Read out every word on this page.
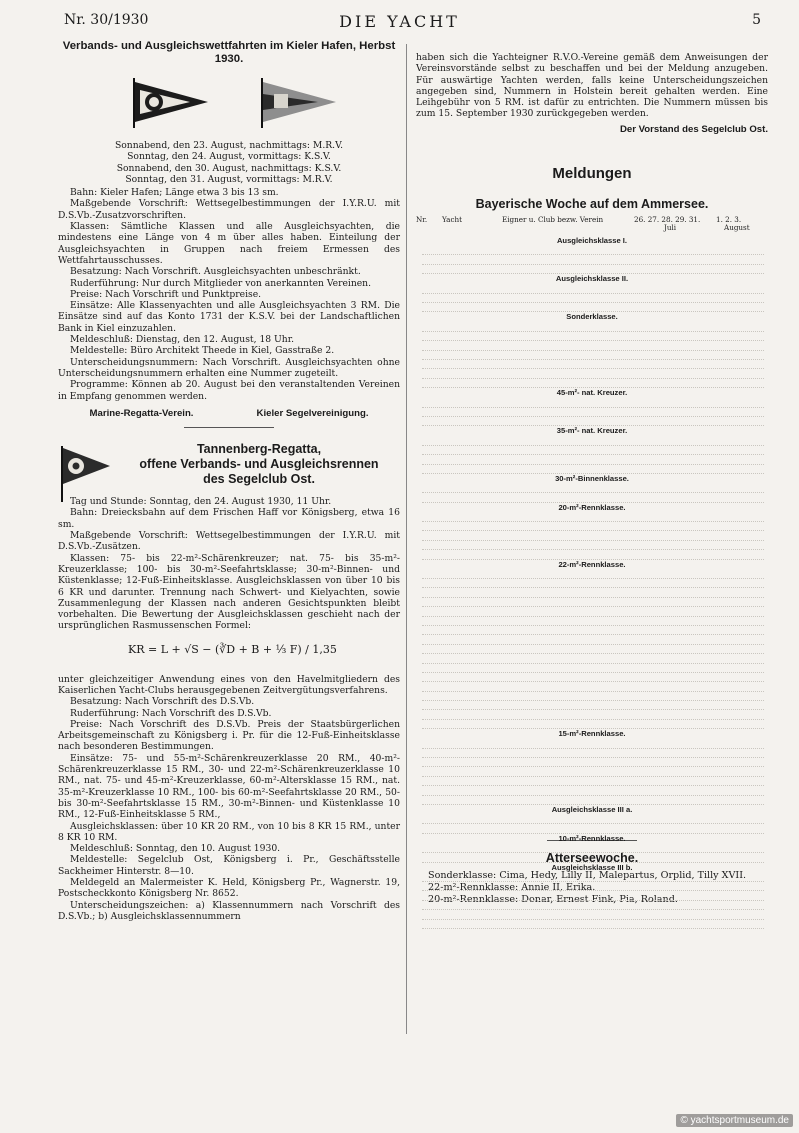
Nr. 30/1930	DIE YACHT	5
Verbands- und Ausgleichswettfahrten im Kieler Hafen, Herbst 1930.
Sonnabend, den 23. August, nachmittags: M.R.V.
Sonntag, den 24. August, vormittags: K.S.V.
Sonnabend, den 30. August, nachmittags: K.S.V.
Sonntag, den 31. August, vormittags: M.R.V.

Bahn: Kieler Hafen; Länge etwa 3 bis 13 sm.

Maßgebende Vorschrift: Wettsegelbestimmungen der I.Y.R.U. mit D.S.Vb.-Zusatzvorschriften.

Klassen: Sämtliche Klassen und alle Ausgleichsyachten, die mindestens eine Länge von 4 m über alles haben. Einteilung der Ausgleichsyachten in Gruppen nach freiem Ermessen des Wettfahrtausschusses.

Besatzung: Nach Vorschrift. Ausgleichsyachten unbeschränkt.

Ruderführung: Nur durch Mitglieder von anerkannten Vereinen.

Preise: Nach Vorschrift und Punktpreise.

Einsätze: Alle Klassenyachten und alle Ausgleichsyachten 3 RM. Die Einsätze sind auf das Konto 1731 der K.S.V. bei der Landschaftlichen Bank in Kiel einzuzahlen.

Meldeschluß: Dienstag, den 12. August, 18 Uhr.

Meldestelle: Büro Architekt Theede in Kiel, Gasstraße 2.

Unterscheidungsnummern: Nach Vorschrift. Ausgleichsyachten ohne Unterscheidungsnummern erhalten eine Nummer zugeteilt.

Programme: Können ab 20. August bei den veranstaltenden Vereinen in Empfang genommen werden.

Marine-Regatta-Verein.	Kieler Segelvereinigung.
Tannenberg-Regatta,
offene Verbands- und Ausgleichsrennen
des Segelclub Ost.

Tag und Stunde: Sonntag, den 24. August 1930, 11 Uhr.

Bahn: Dreiecksbahn auf dem Frischen Haff vor Königsberg, etwa 16 sm.

Maßgebende Vorschrift: Wettsegelbestimmungen der I.Y.R.U. mit D.S.Vb.-Zusätzen.

Klassen: 75- bis 22-m²-Schärenkreuzer; nat. 75- bis 35-m²-Kreuzerklasse; 100- bis 30-m²-Seefahrtsklasse; 30-m²-Binnen- und Küstenklasse; 12-Fuß-Einheitsklasse. Ausgleichsklassen von über 10 bis 6 KR und darunter. Trennung nach Schwert- und Kielyachten, sowie Zusammenlegung der Klassen nach anderen Gesichtspunkten bleibt vorbehalten. Die Bewertung der Ausgleichsklassen geschieht nach der ursprünglichen Rasmussenschen Formel:

KR = L + √S − (∛D + B + ⅓ F) / 1,35

unter gleichzeitiger Anwendung eines von den Havelmitgliedern des Kaiserlichen Yacht-Clubs herausgegebenen Zeitvergütungsverfahrens.

Besatzung: Nach Vorschrift des D.S.Vb.

Ruderführung: Nach Vorschrift des D.S.Vb.

Preise: Nach Vorschrift des D.S.Vb. Preis der Staatsbürgerlichen Arbeitsgemeinschaft zu Königsberg i. Pr. für die 12-Fuß-Einheitsklasse nach besonderen Bestimmungen.

Einsätze: 75- und 55-m²-Schärenkreuzerklasse 20 RM., 40-m²-Schärenkreuzerklasse 15 RM., 30- und 22-m²-Schärenkreuzerklasse 10 RM., nat. 75- und 45-m²-Kreuzerklasse, 60-m²-Altersklasse 15 RM., nat. 35-m²-Kreuzerklasse 10 RM., 100- bis 60-m²-Seefahrtsklasse 20 RM., 50- bis 30-m²-Seefahrtsklasse 15 RM., 30-m²-Binnen- und Küstenklasse 10 RM., 12-Fuß-Einheitsklasse 5 RM.,

Ausgleichsklassen: über 10 KR 20 RM., von 10 bis 8 KR 15 RM., unter 8 KR 10 RM.

Meldeschluß: Sonntag, den 10. August 1930.

Meldestelle: Segelclub Ost, Königsberg i. Pr., Geschäftsstelle Sackheimer Hinterstr. 8—10.

Meldegeld an Malermeister K. Held, Königsberg Pr., Wagnerstr. 19, Postscheckkonto Königsberg Nr. 8652.

Unterscheidungszeichen: a) Klassennummern nach Vorschrift des D.S.Vb.; b) Ausgleichsklassennummern

haben sich die Yachteigner R.V.O.-Vereine gemäß dem Anweisungen der Vereinsvorstände selbst zu beschaffen und bei der Meldung anzugeben. Für auswärtige Yachten werden, falls keine Unterscheidungszeichen angegeben sind, Nummern in Holstein bereit gehalten werden. Eine Leihgebühr von 5 RM. ist dafür zu entrichten. Die Nummern müssen bis zum 15. September 1930 zurückgegeben werden.

Der Vorstand des Segelclub Ost.
Meldungen
Bayerische Woche auf dem Ammersee.
Nr.	Yacht	Eigner u. Club bezw. Verein	26. 27. 28. 29. 31.	1. 2. 3.
Juli	August
Ausgleichsklasse I.
Ausgleichsklasse II.
Sonderklasse.
45-m²- nat. Kreuzer.
35-m²- nat. Kreuzer.
30-m²-Binnenklasse.
20-m²-Rennklasse.
22-m²-Rennklasse.
15-m²-Rennklasse.
Ausgleichsklasse III a.
10-m²-Rennklasse.
Ausgleichsklasse III b.
Atterseewoche.

Sonderklasse: Cima, Hedy, Lilly II, Malepartus, Orplid, Tilly XVII.

22-m²-Rennklasse: Annie II, Erika.

20-m²-Rennklasse: Donar, Ernest Fink, Pia, Roland.

© yachtsportmuseum.de
